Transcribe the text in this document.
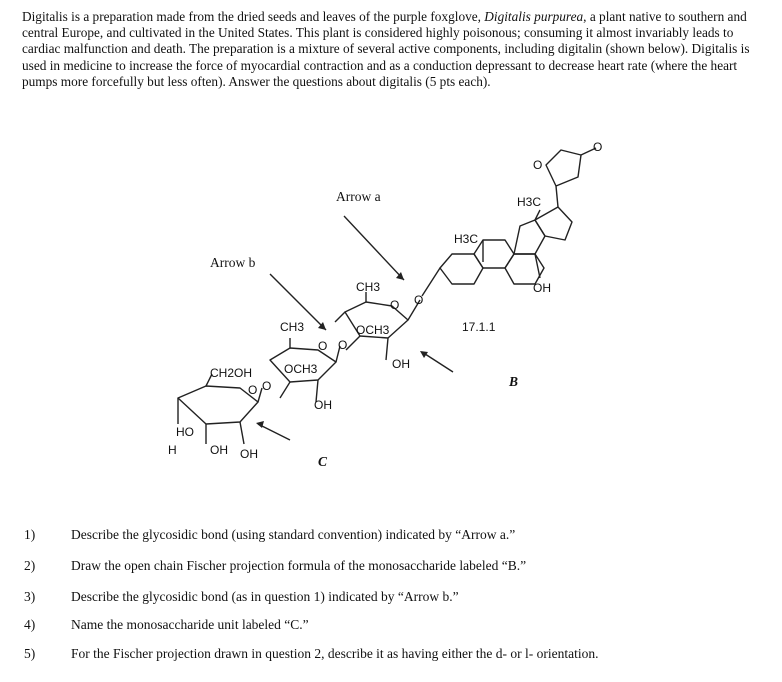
Digitalis is a preparation made from the dried seeds and leaves of the purple foxglove, Digitalis purpurea, a plant native to southern and central Europe, and cultivated in the United States. This plant is considered highly poisonous; consuming it almost invariably leads to cardiac malfunction and death. The preparation is a mixture of several active components, including digitalin (shown below). Digitalis is used in medicine to increase the force of myocardial contraction and as a conduction depressant to decrease heart rate (where the heart pumps more forcefully but less often). Answer the questions about digitalis (5 pts each).
Arrow a
Arrow b
B
C
17.1.1
H3C
H3C
OH
O
O
CH3
O O
OCH3
OH
CH3
O O
OCH3
OH
CH2OH
O O
HO
H	OH OH
1)	Describe the glycosidic bond (using standard convention) indicated by “Arrow a.”
2)	Draw the open chain Fischer projection formula of the monosaccharide labeled “B.”
3)	Describe the glycosidic bond (as in question 1) indicated by “Arrow b.”
4)	Name the monosaccharide unit labeled “C.”
5)	For the Fischer projection drawn in question 2, describe it as having either the d- or l- orientation.
